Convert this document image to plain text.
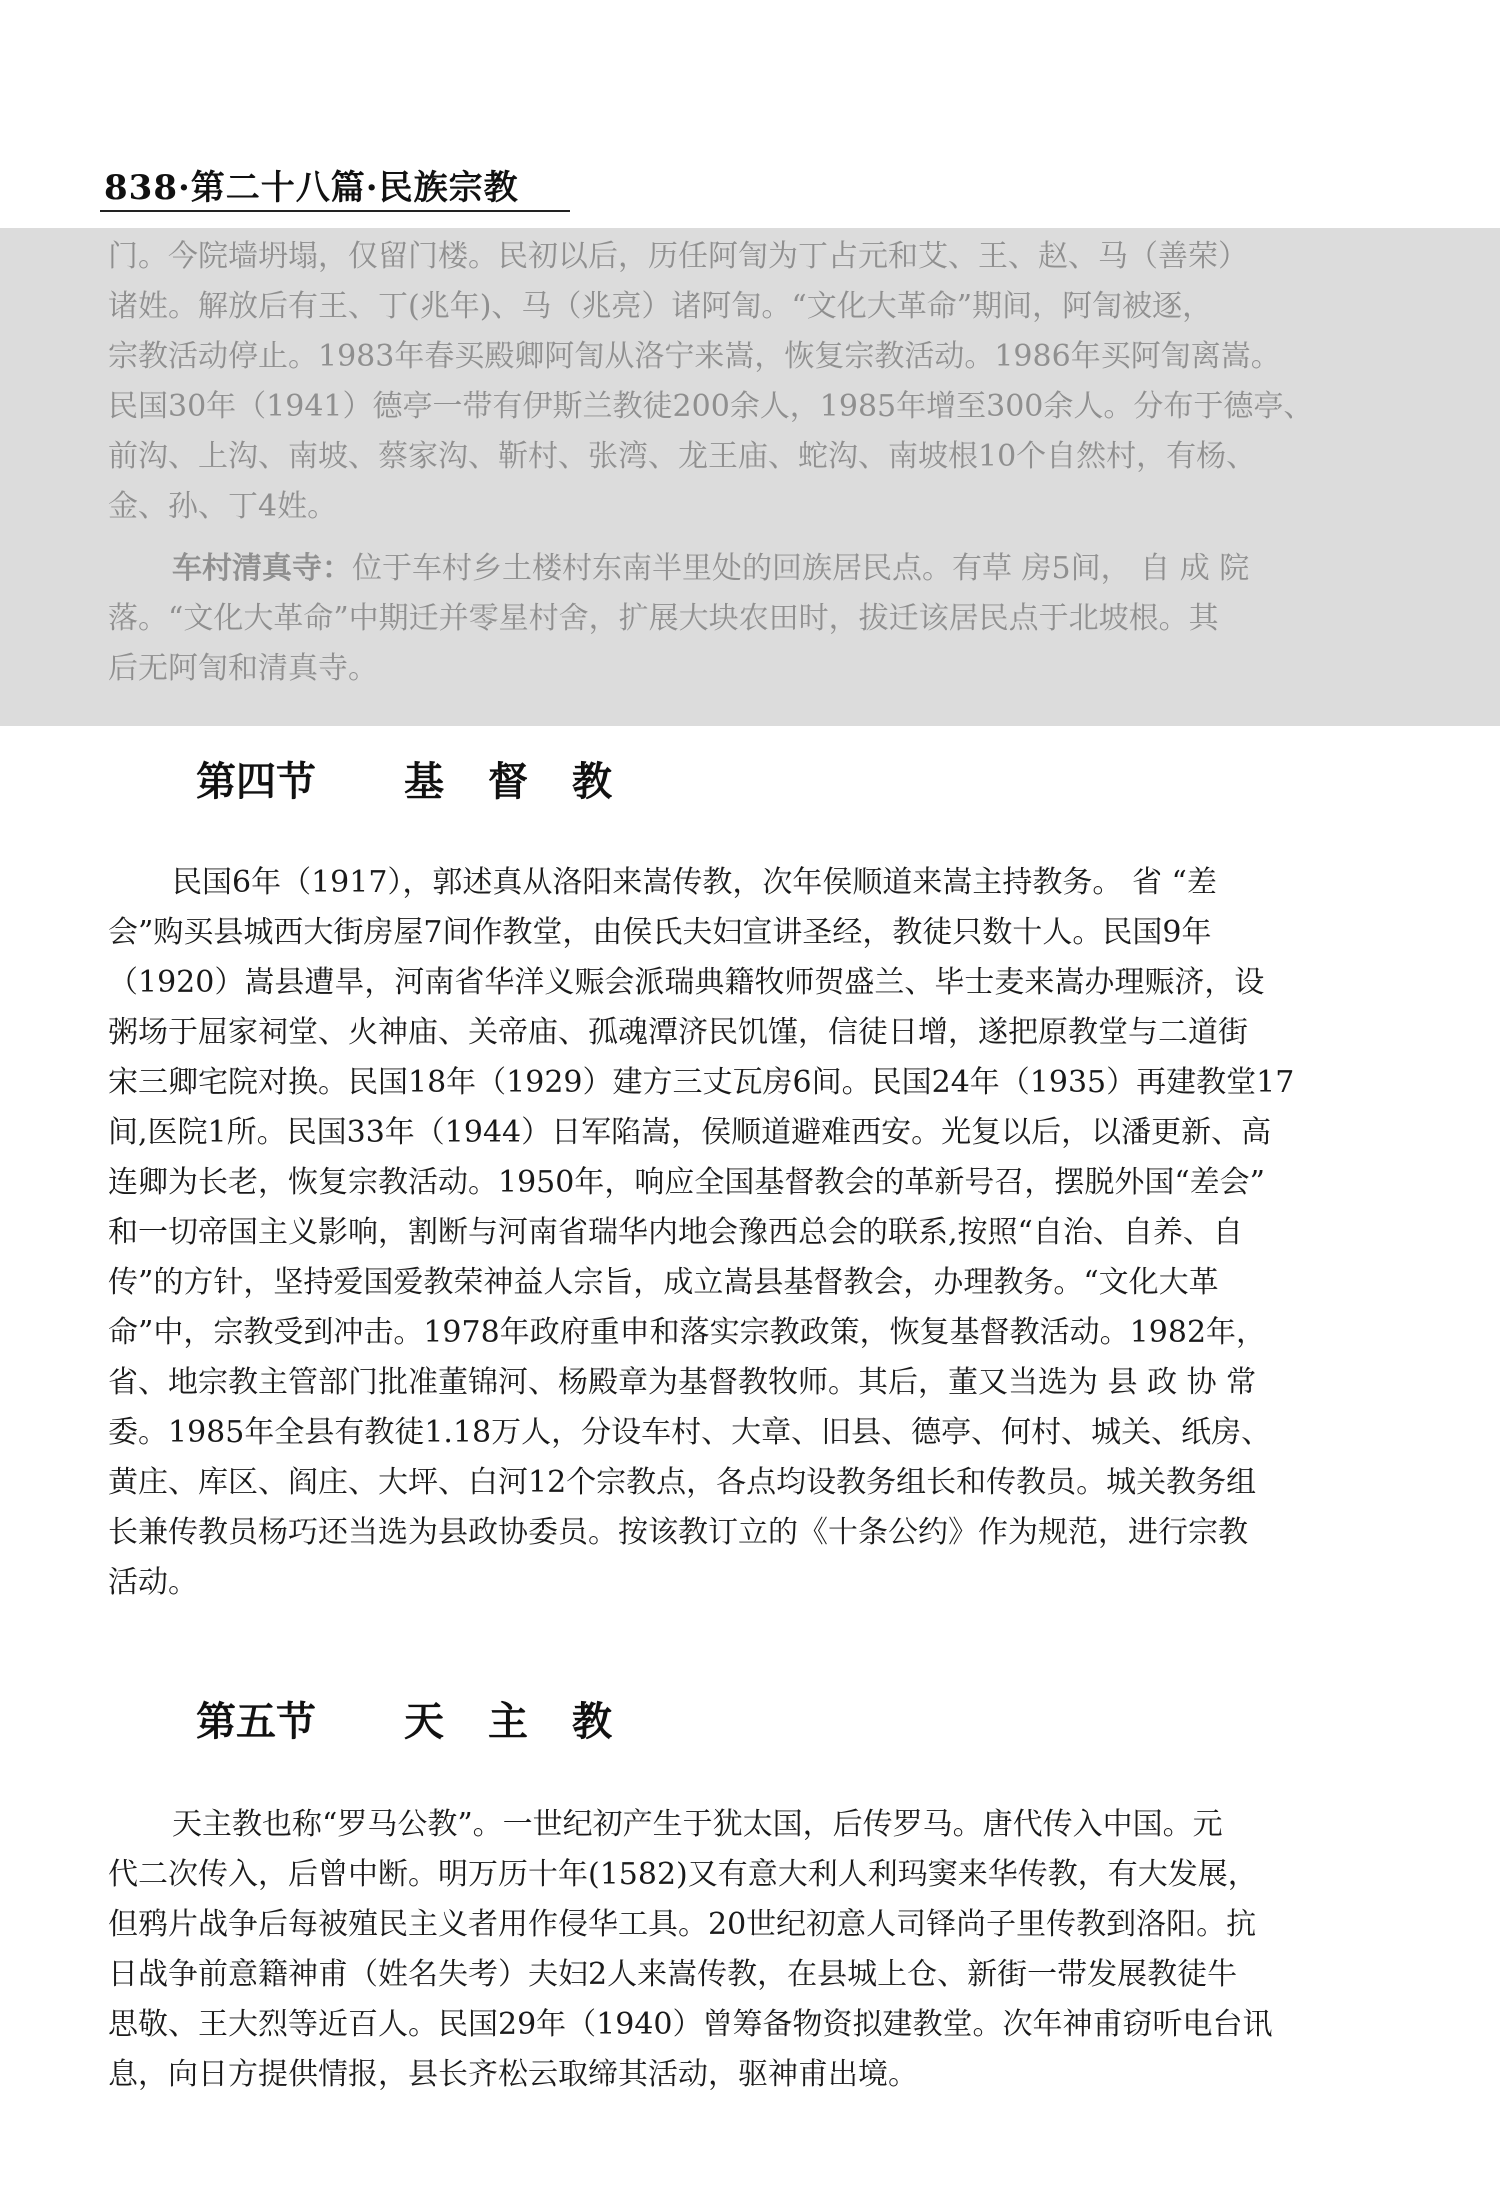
838·第二十八篇·民族宗教
门。今院墙坍塌，仅留门楼。民初以后，历任阿訇为丁占元和艾、王、赵、马（善荣）
诸姓。解放后有王、丁(兆年)、马（兆亮）诸阿訇。“文化大革命”期间，阿訇被逐，
宗教活动停止。1983年春买殿卿阿訇从洛宁来嵩，恢复宗教活动。1986年买阿訇离嵩。
民国30年（1941）德亭一带有伊斯兰教徒200余人，1985年增至300余人。分布于德亭、
前沟、上沟、南坡、蔡家沟、靳村、张湾、龙王庙、蛇沟、南坡根10个自然村，有杨、
金、孙、丁4姓。
车村清真寺：位于车村乡土楼村东南半里处的回族居民点。有草 房5间， 自 成 院
落。“文化大革命”中期迁并零星村舍，扩展大块农田时，拔迁该居民点于北坡根。其
后无阿訇和清真寺。
第四节 基督教
民国6年（1917），郭述真从洛阳来嵩传教，次年侯顺道来嵩主持教务。 省 “差
会”购买县城西大街房屋7间作教堂，由侯氏夫妇宣讲圣经，教徒只数十人。民国9年
（1920）嵩县遭旱，河南省华洋义赈会派瑞典籍牧师贺盛兰、毕士麦来嵩办理赈济，设
粥场于屈家祠堂、火神庙、关帝庙、孤魂潭济民饥馑，信徒日增，遂把原教堂与二道街
宋三卿宅院对换。民国18年（1929）建方三丈瓦房6间。民国24年（1935）再建教堂17
间,医院1所。民国33年（1944）日军陷嵩，侯顺道避难西安。光复以后，以潘更新、高
连卿为长老，恢复宗教活动。1950年，响应全国基督教会的革新号召，摆脱外国“差会”
和一切帝国主义影响，割断与河南省瑞华内地会豫西总会的联系,按照“自治、自养、自
传”的方针，坚持爱国爱教荣神益人宗旨，成立嵩县基督教会，办理教务。“文化大革
命”中，宗教受到冲击。1978年政府重申和落实宗教政策，恢复基督教活动。1982年，
省、地宗教主管部门批准董锦河、杨殿章为基督教牧师。其后，董又当选为 县 政 协 常
委。1985年全县有教徒1.18万人，分设车村、大章、旧县、德亭、何村、城关、纸房、
黄庄、库区、阎庄、大坪、白河12个宗教点，各点均设教务组长和传教员。城关教务组
长兼传教员杨巧还当选为县政协委员。按该教订立的《十条公约》作为规范，进行宗教
活动。
第五节 天主教
天主教也称“罗马公教”。一世纪初产生于犹太国，后传罗马。唐代传入中国。元
代二次传入，后曾中断。明万历十年(1582)又有意大利人利玛窦来华传教，有大发展，
但鸦片战争后每被殖民主义者用作侵华工具。20世纪初意人司铎尚子里传教到洛阳。抗
日战争前意籍神甫（姓名失考）夫妇2人来嵩传教，在县城上仓、新街一带发展教徒牛
思敬、王大烈等近百人。民国29年（1940）曾筹备物资拟建教堂。次年神甫窃听电台讯
息，向日方提供情报，县长齐松云取缔其活动，驱神甫出境。
